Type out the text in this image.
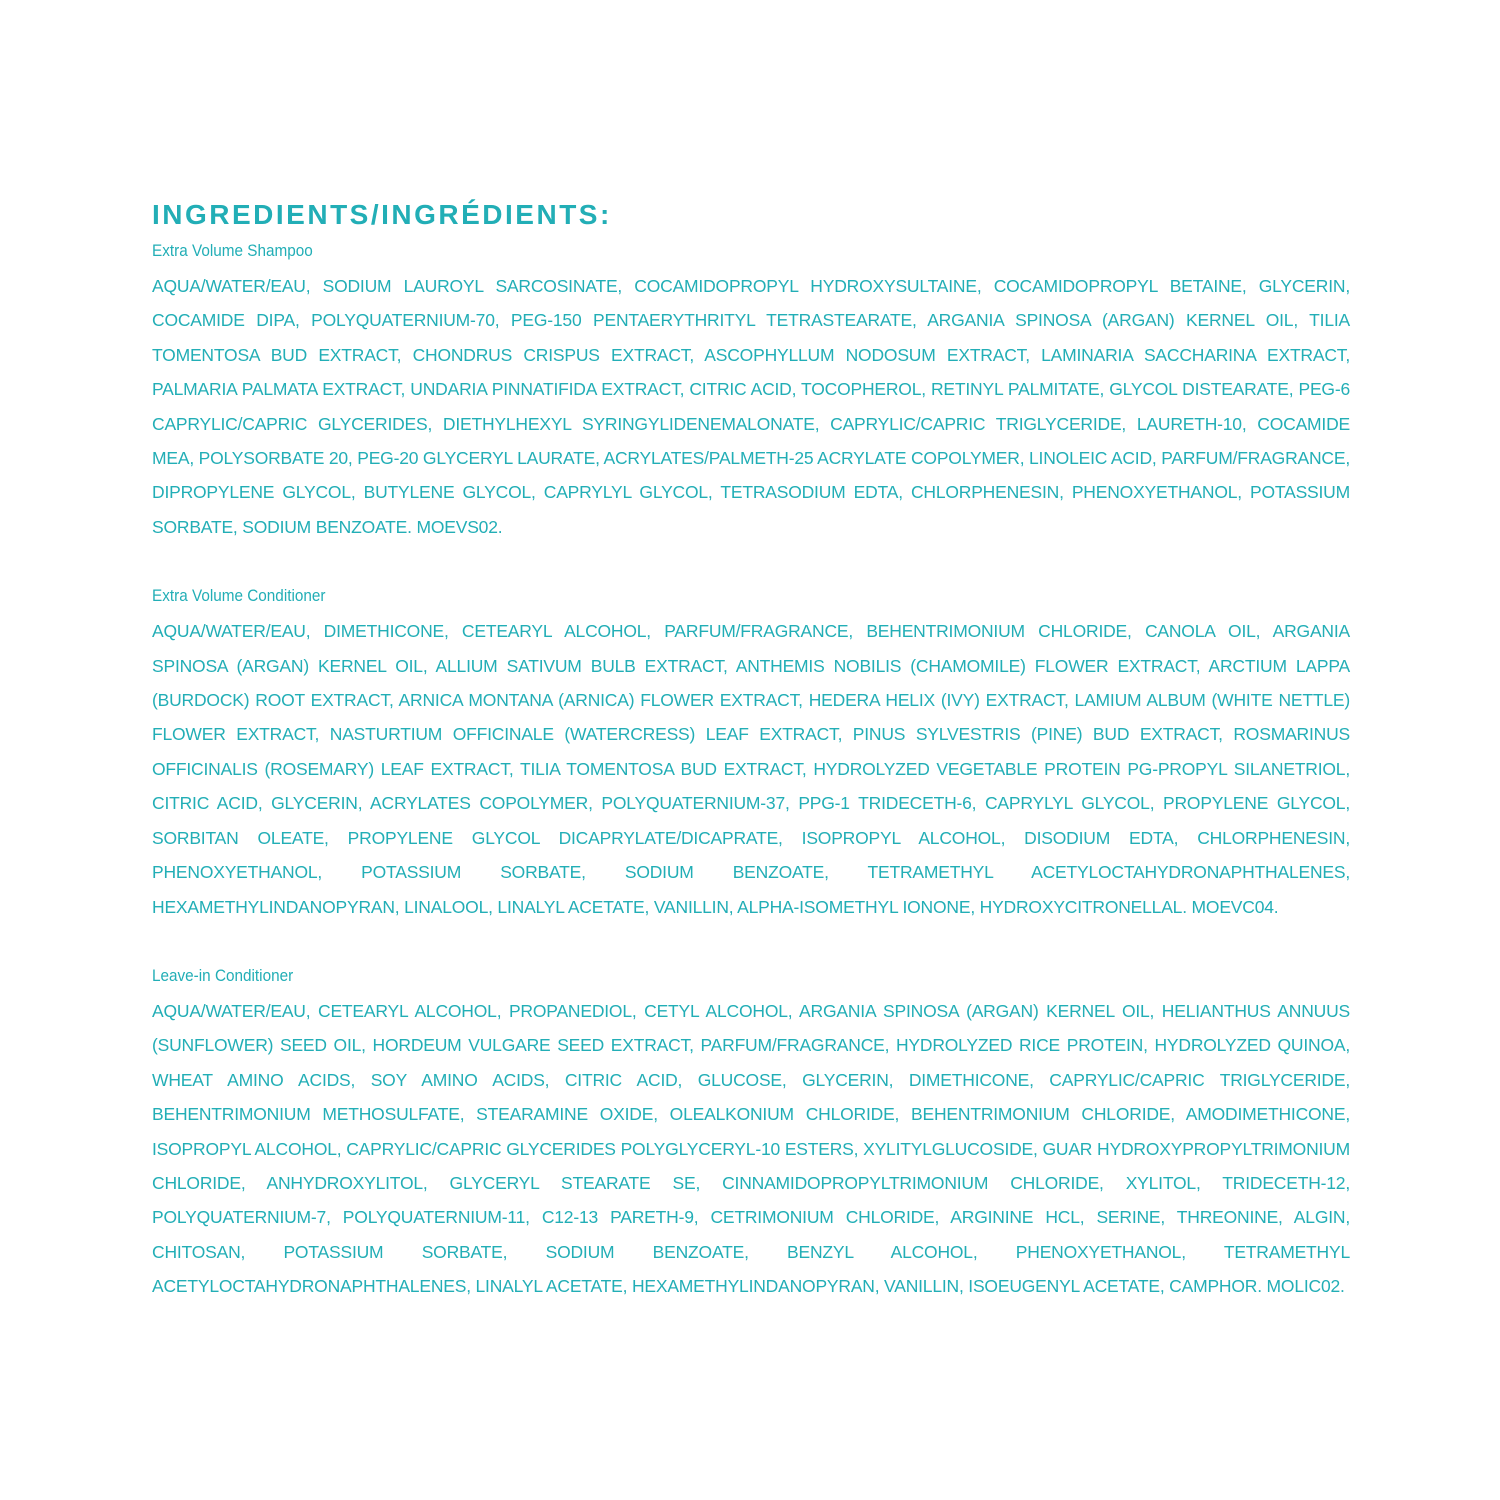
INGREDIENTS/INGRÉDIENTS:
Extra Volume Shampoo

AQUA/WATER/EAU, SODIUM LAUROYL SARCOSINATE, COCAMIDOPROPYL HYDROXYSULTAINE, COCAMIDOPROPYL BETAINE, GLYCERIN, COCAMIDE DIPA, POLYQUATERNIUM-70, PEG-150 PENTAERYTHRITYL TETRASTEARATE, ARGANIA SPINOSA (ARGAN) KERNEL OIL, TILIA TOMENTOSA BUD EXTRACT, CHONDRUS CRISPUS EXTRACT, ASCOPHYLLUM NODOSUM EXTRACT, LAMINARIA SACCHARINA EXTRACT, PALMARIA PALMATA EXTRACT, UNDARIA PINNATIFIDA EXTRACT, CITRIC ACID, TOCOPHEROL, RETINYL PALMITATE, GLYCOL DISTEARATE, PEG-6 CAPRYLIC/CAPRIC GLYCERIDES, DIETHYLHEXYL SYRINGYLIDENEMALONATE, CAPRYLIC/CAPRIC TRIGLYCERIDE, LAURETH-10, COCAMIDE MEA, POLYSORBATE 20, PEG-20 GLYCERYL LAURATE, ACRYLATES/PALMETH-25 ACRYLATE COPOLYMER, LINOLEIC ACID, PARFUM/FRAGRANCE, DIPROPYLENE GLYCOL, BUTYLENE GLYCOL, CAPRYLYL GLYCOL, TETRASODIUM EDTA, CHLORPHENESIN, PHENOXYETHANOL, POTASSIUM SORBATE, SODIUM BENZOATE. MOEVS02.

Extra Volume Conditioner

AQUA/WATER/EAU, DIMETHICONE, CETEARYL ALCOHOL, PARFUM/FRAGRANCE, BEHENTRIMONIUM CHLORIDE, CANOLA OIL, ARGANIA SPINOSA (ARGAN) KERNEL OIL, ALLIUM SATIVUM BULB EXTRACT, ANTHEMIS NOBILIS (CHAMOMILE) FLOWER EXTRACT, ARCTIUM LAPPA (BURDOCK) ROOT EXTRACT, ARNICA MONTANA (ARNICA) FLOWER EXTRACT, HEDERA HELIX (IVY) EXTRACT, LAMIUM ALBUM (WHITE NETTLE) FLOWER EXTRACT, NASTURTIUM OFFICINALE (WATERCRESS) LEAF EXTRACT, PINUS SYLVESTRIS (PINE) BUD EXTRACT, ROSMARINUS OFFICINALIS (ROSEMARY) LEAF EXTRACT, TILIA TOMENTOSA BUD EXTRACT, HYDROLYZED VEGETABLE PROTEIN PG-PROPYL SILANETRIOL, CITRIC ACID, GLYCERIN, ACRYLATES COPOLYMER, POLYQUATERNIUM-37, PPG-1 TRIDECETH-6, CAPRYLYL GLYCOL, PROPYLENE GLYCOL, SORBITAN OLEATE, PROPYLENE GLYCOL DICAPRYLATE/DICAPRATE, ISOPROPYL ALCOHOL, DISODIUM EDTA, CHLORPHENESIN, PHENOXYETHANOL, POTASSIUM SORBATE, SODIUM BENZOATE, TETRAMETHYL ACETYLOCTAHYDRONAPHTHALENES, HEXAMETHYLINDANOPYRAN, LINALOOL, LINALYL ACETATE, VANILLIN, ALPHA-ISOMETHYL IONONE, HYDROXYCITRONELLAL. MOEVC04.

Leave-in Conditioner

AQUA/WATER/EAU, CETEARYL ALCOHOL, PROPANEDIOL, CETYL ALCOHOL, ARGANIA SPINOSA (ARGAN) KERNEL OIL, HELIANTHUS ANNUUS (SUNFLOWER) SEED OIL, HORDEUM VULGARE SEED EXTRACT, PARFUM/FRAGRANCE, HYDROLYZED RICE PROTEIN, HYDROLYZED QUINOA, WHEAT AMINO ACIDS, SOY AMINO ACIDS, CITRIC ACID, GLUCOSE, GLYCERIN, DIMETHICONE, CAPRYLIC/CAPRIC TRIGLYCERIDE, BEHENTRIMONIUM METHOSULFATE, STEARAMINE OXIDE, OLEALKONIUM CHLORIDE, BEHENTRIMONIUM CHLORIDE, AMODIMETHICONE, ISOPROPYL ALCOHOL, CAPRYLIC/CAPRIC GLYCERIDES POLYGLYCERYL-10 ESTERS, XYLITYLGLUCOSIDE, GUAR HYDROXYPROPYLTRIMONIUM CHLORIDE, ANHYDROXYLITOL, GLYCERYL STEARATE SE, CINNAMIDOPROPYLTRIMONIUM CHLORIDE, XYLITOL, TRIDECETH-12, POLYQUATERNIUM-7, POLYQUATERNIUM-11, C12-13 PARETH-9, CETRIMONIUM CHLORIDE, ARGININE HCL, SERINE, THREONINE, ALGIN, CHITOSAN, POTASSIUM SORBATE, SODIUM BENZOATE, BENZYL ALCOHOL, PHENOXYETHANOL, TETRAMETHYL ACETYLOCTAHYDRONAPHTHALENES, LINALYL ACETATE, HEXAMETHYLINDANOPYRAN, VANILLIN, ISOEUGENYL ACETATE, CAMPHOR. MOLIC02.
